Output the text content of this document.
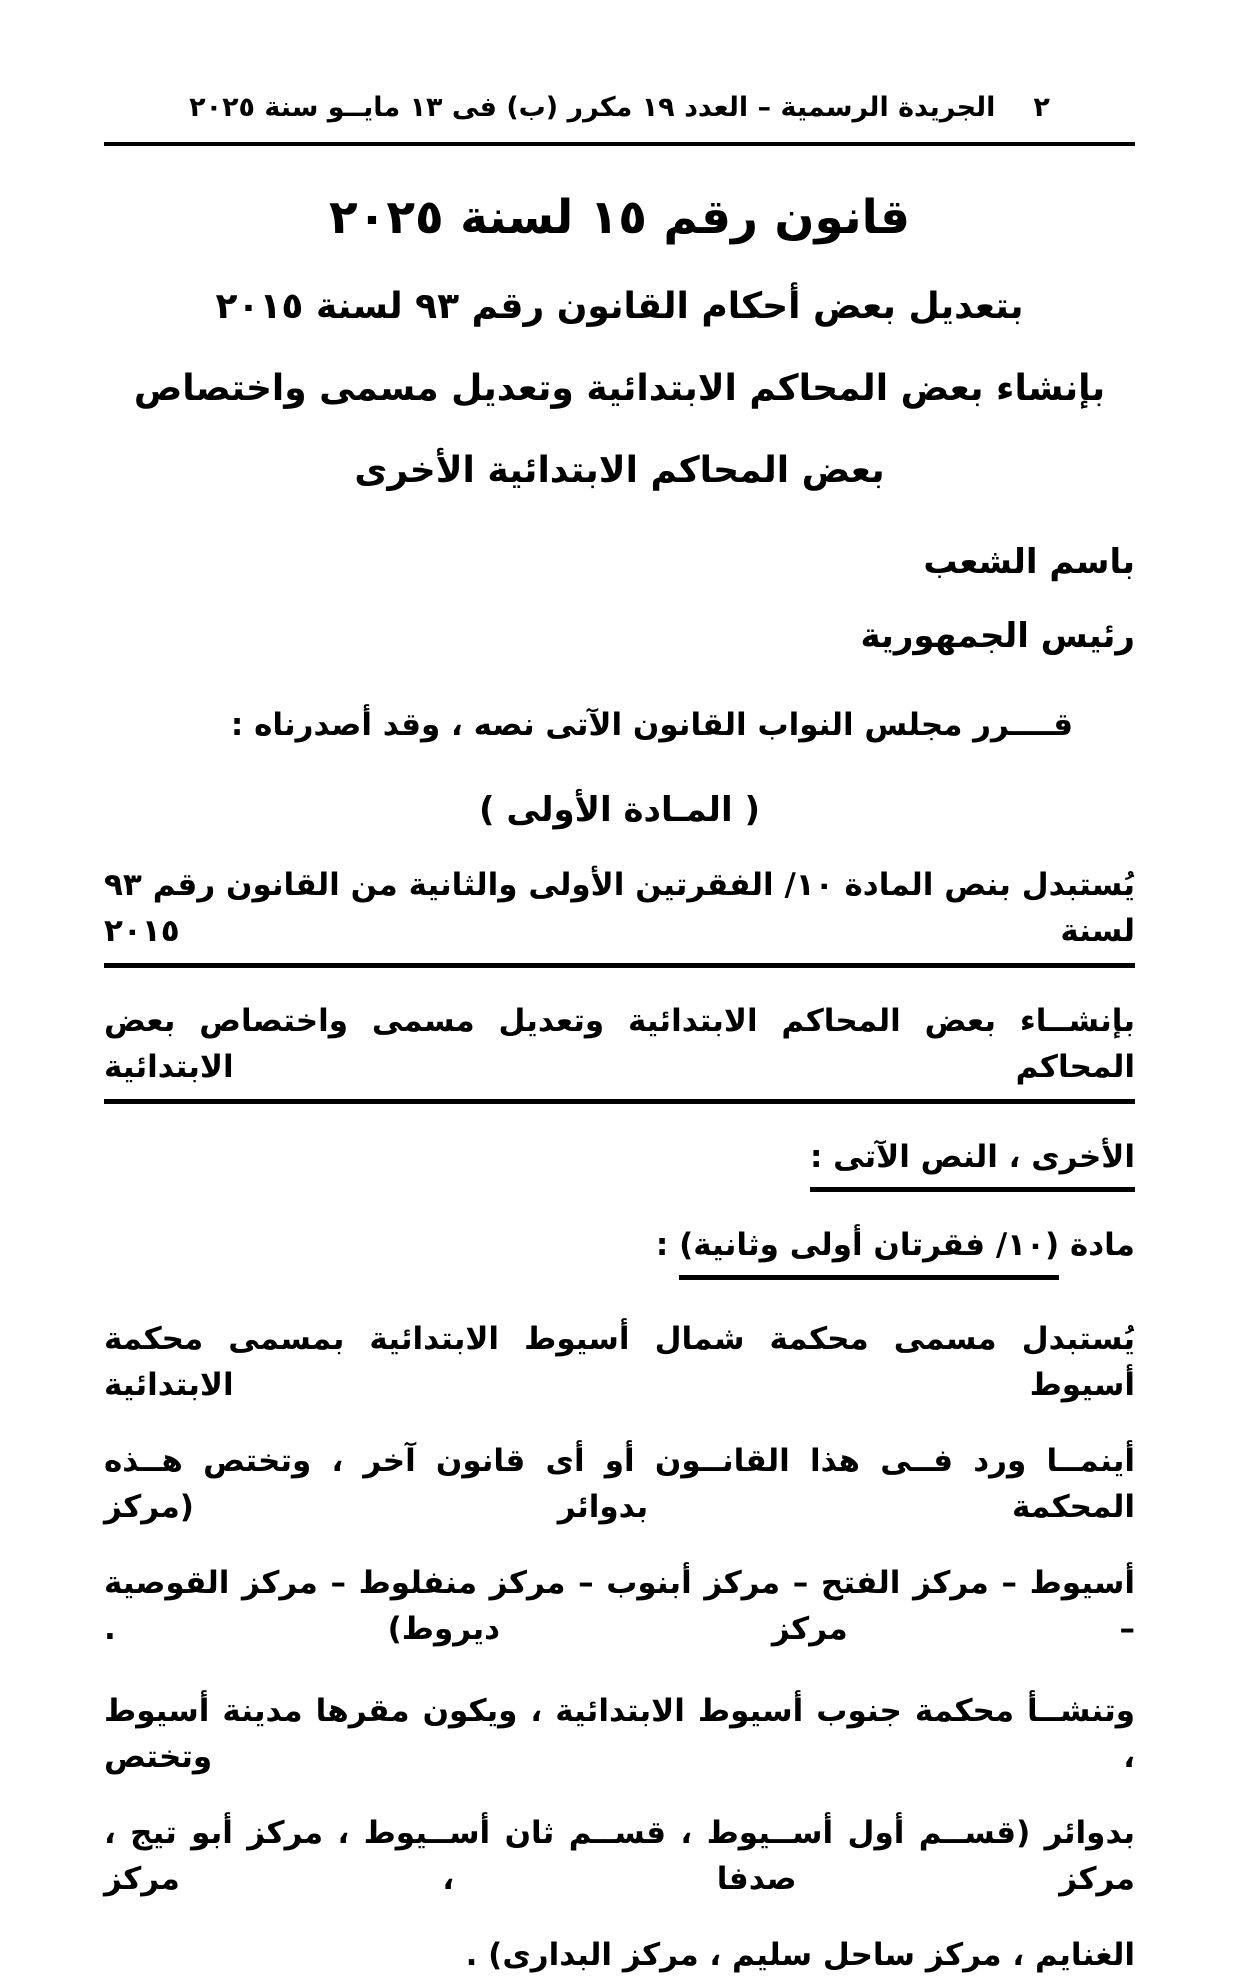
٢
الجريدة الرسمية – العدد ١٩ مكرر (ب) فى ١٣ مايــو سنة ٢٠٢٥
قانون رقم ١٥ لسنة ٢٠٢٥
بتعديل بعض أحكام القانون رقم ٩٣ لسنة ٢٠١٥
بإنشاء بعض المحاكم الابتدائية وتعديل مسمى واختصاص
بعض المحاكم الابتدائية الأخرى
باسم الشعب
رئيس الجمهورية

قــــرر مجلس النواب القانون الآتى نصه ، وقد أصدرناه :

( المـادة الأولى )
يُستبدل بنص المادة ١٠/ الفقرتين الأولى والثانية من القانون رقم ٩٣ لسنة ٢٠١٥
بإنشــاء بعض المحاكم الابتدائية وتعديل مسمى واختصاص بعض المحاكم الابتدائية
الأخرى ، النص الآتى :
مادة (١٠/ فقرتان أولى وثانية) :
يُستبدل مسمى محكمة شمال أسيوط الابتدائية بمسمى محكمة أسيوط الابتدائية
أينمــا ورد فــى هذا القانــون أو أى قانون آخر ، وتختص هــذه المحكمة بدوائر (مركز
أسيوط – مركز الفتح – مركز أبنوب – مركز منفلوط – مركز القوصية – مركز ديروط) .
وتنشــأ محكمة جنوب أسيوط الابتدائية ، ويكون مقرها مدينة أسيوط ، وتختص
بدوائر (قســم أول أســيوط ، قســم ثان أســيوط ، مركز أبو تيج ، مركز صدفا ، مركز
الغنايم ، مركز ساحل سليم ، مركز البدارى) .
